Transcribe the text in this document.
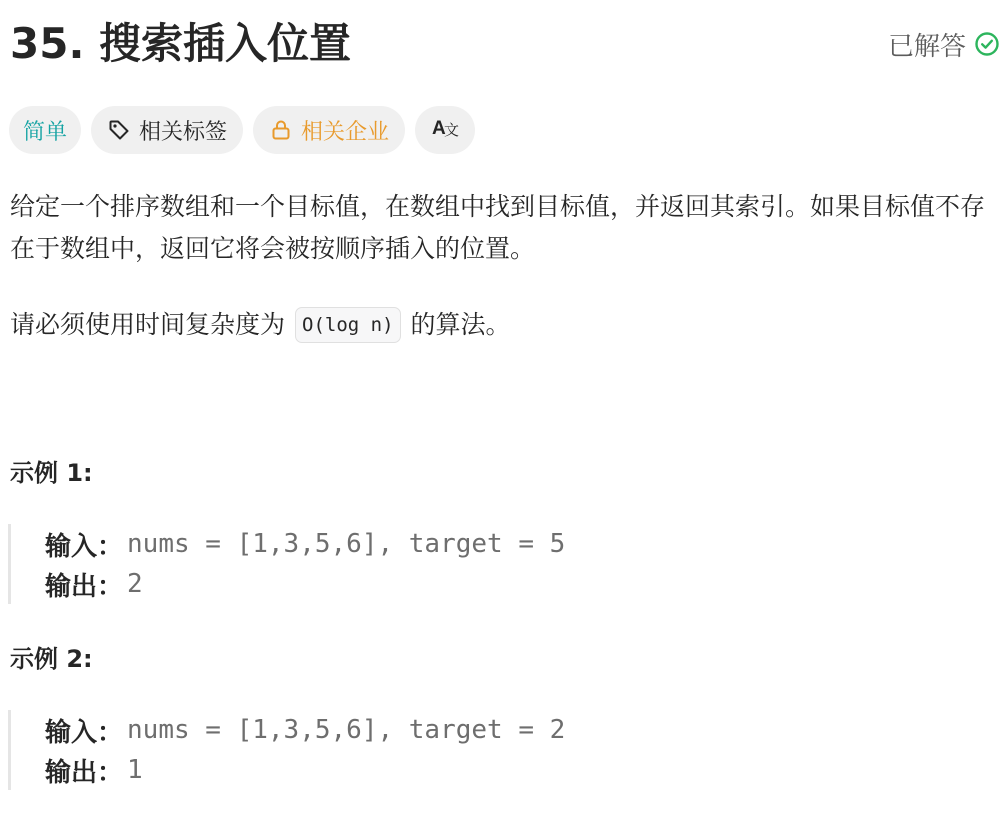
35. 搜索插入位置	已解答
简单	相关标签	相关企业 A
文

给定一个排序数组和一个目标值，在数组中找到目标值，并返回其索引。如果目标值不存在于数组中，返回它将会被按顺序插入的位置。

请必须使用时间复杂度为 O(log n) 的算法。
示例 1:
输入： nums = [1,3,5,6], target = 5
输出： 2
示例 2:
输入： nums = [1,3,5,6], target = 2
输出： 1
